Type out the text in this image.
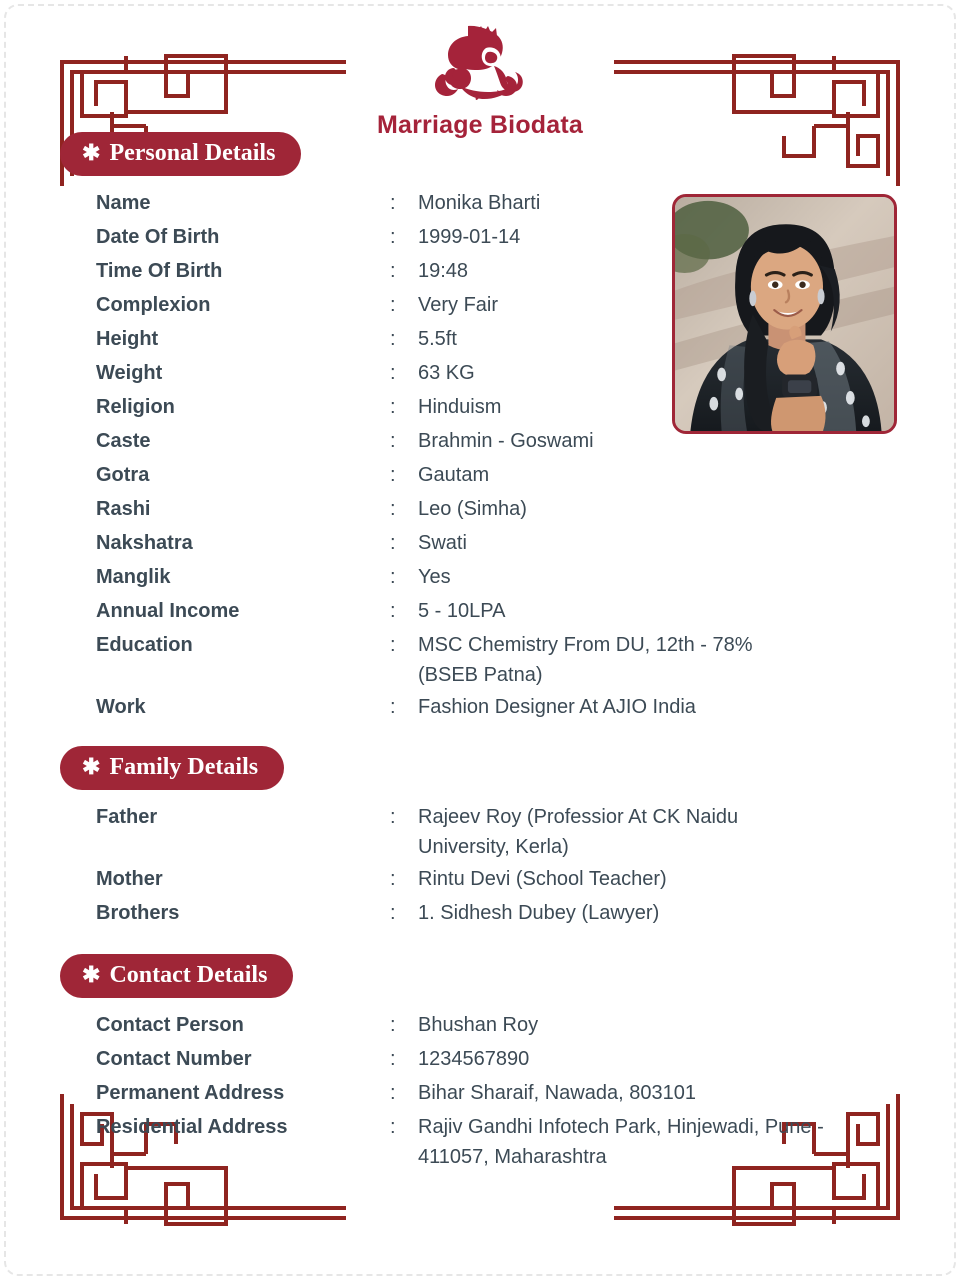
Marriage Biodata
✱ Personal Details
Name	:	Monika Bharti
Date Of Birth	:	1999-01-14
Time Of Birth	:	19:48
Complexion	:	Very Fair
Height	:	5.5ft
Weight	:	63 KG
Religion	:	Hinduism
Caste	:	Brahmin - Goswami
Gotra	:	Gautam
Rashi	:	Leo (Simha)
Nakshatra	:	Swati
Manglik	:	Yes
Annual Income	:	5 - 10LPA
Education	:	MSC Chemistry From DU, 12th - 78% (BSEB Patna)
Work	:	Fashion Designer At AJIO India
✱ Family Details
Father	:	Rajeev Roy (Professior At CK Naidu University, Kerla)
Mother	:	Rintu Devi (School Teacher)
Brothers	:	1. Sidhesh Dubey (Lawyer)
✱ Contact Details
Contact Person	:	Bhushan Roy
Contact Number	:	1234567890
Permanent Address	:	Bihar Sharaif, Nawada, 803101
Residential Address	:	Rajiv Gandhi Infotech Park, Hinjewadi, Pune - 411057, Maharashtra
